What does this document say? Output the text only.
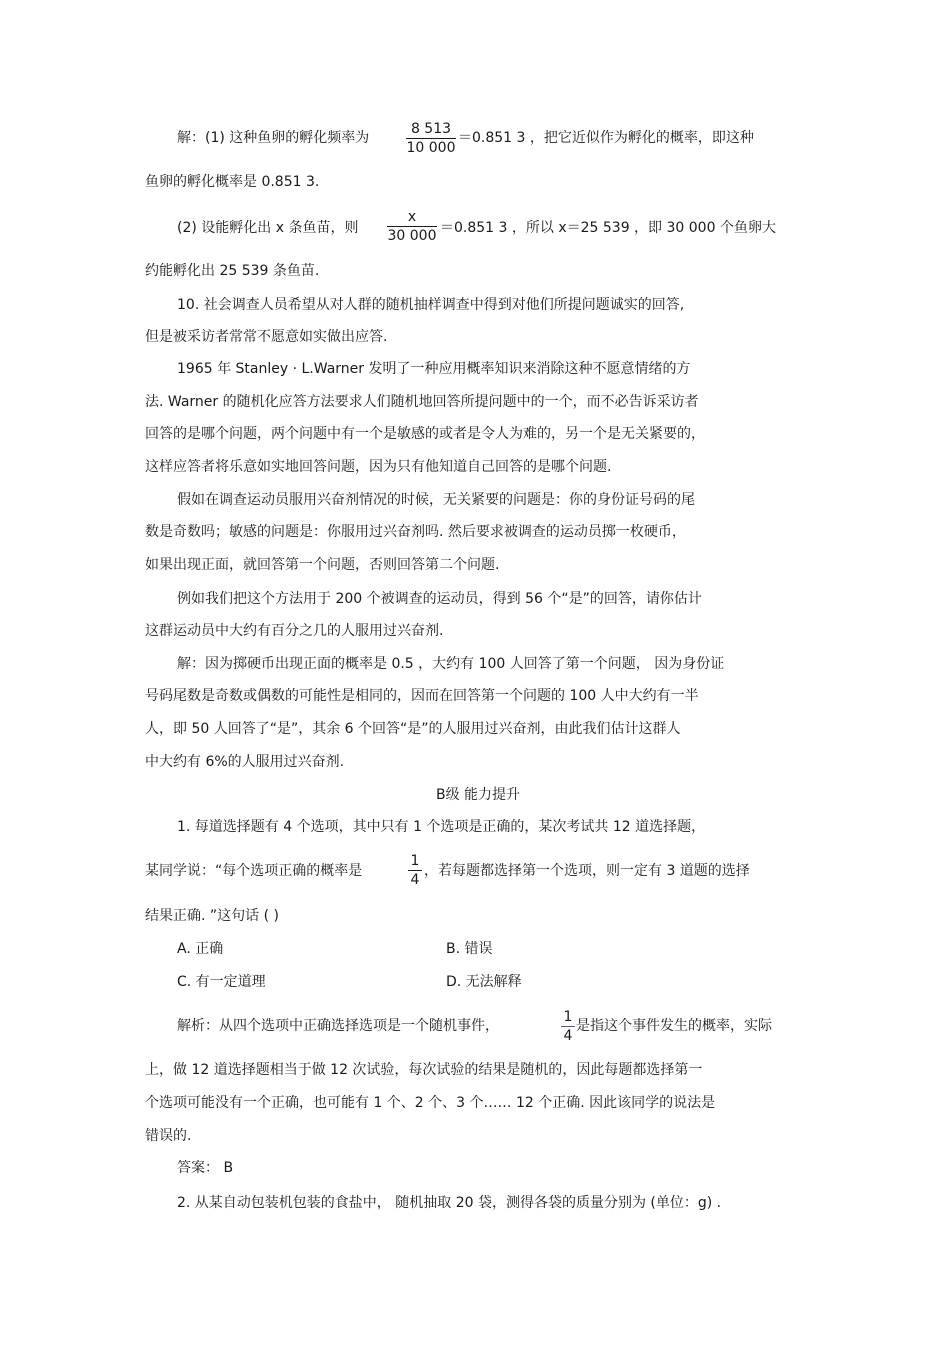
解：(1) 这种鱼卵的孵化频率为
8 513
10 000
＝0.851 3 ，把它近似作为孵化的概率，即这种
鱼卵的孵化概率是 0.851 3.
(2) 设能孵化出 x 条鱼苗，则
x
30 000 ＝0.851 3 ，所以 x＝25 539 ，即 30 000 个鱼卵大
约能孵化出 25 539 条鱼苗.
10. 社会调查人员希望从对人群的随机抽样调查中得到对他们所提问题诚实的回答,
但是被采访者常常不愿意如实做出应答.
1965 年 Stanley · L.Warner 发明了一种应用概率知识来消除这种不愿意情绪的方
法. Warner 的随机化应答方法要求人们随机地回答所提问题中的一个，而不必告诉采访者
回答的是哪个问题，两个问题中有一个是敏感的或者是令人为难的，另一个是无关紧要的，
这样应答者将乐意如实地回答问题，因为只有他知道自己回答的是哪个问题.
假如在调查运动员服用兴奋剂情况的时候，无关紧要的问题是：你的身份证号码的尾
数是奇数吗；敏感的问题是：你服用过兴奋剂吗. 然后要求被调查的运动员掷一枚硬币，
如果出现正面，就回答第一个问题，否则回答第二个问题.
例如我们把这个方法用于 200 个被调查的运动员，得到 56 个“是”的回答，请你估计
这群运动员中大约有百分之几的人服用过兴奋剂.
解：因为掷硬币出现正面的概率是 0.5 ，大约有 100 人回答了第一个问题， 因为身份证
号码尾数是奇数或偶数的可能性是相同的，因而在回答第一个问题的 100 人中大约有一半
人，即 50 人回答了“是”，其余 6 个回答“是”的人服用过兴奋剂，由此我们估计这群人
中大约有 6%的人服用过兴奋剂.
B级 能力提升
1. 每道选择题有 4 个选项，其中只有 1 个选项是正确的，某次考试共 12 道选择题，
某同学说：“每个选项正确的概率是
1
4
，若每题都选择第一个选项，则一定有 3 道题的选择
结果正确. ”这句话 ( )
A. 正确	B. 错误
C. 有一定道理	D. 无法解释
解析：从四个选项中正确选择选项是一个随机事件，
1
4
是指这个事件发生的概率，实际
上，做 12 道选择题相当于做 12 次试验，每次试验的结果是随机的，因此每题都选择第一
个选项可能没有一个正确，也可能有 1 个、2 个、3 个…… 12 个正确. 因此该同学的说法是
错误的.
答案： B
2. 从某自动包装机包装的食盐中， 随机抽取 20 袋，测得各袋的质量分别为 (单位：g) .
